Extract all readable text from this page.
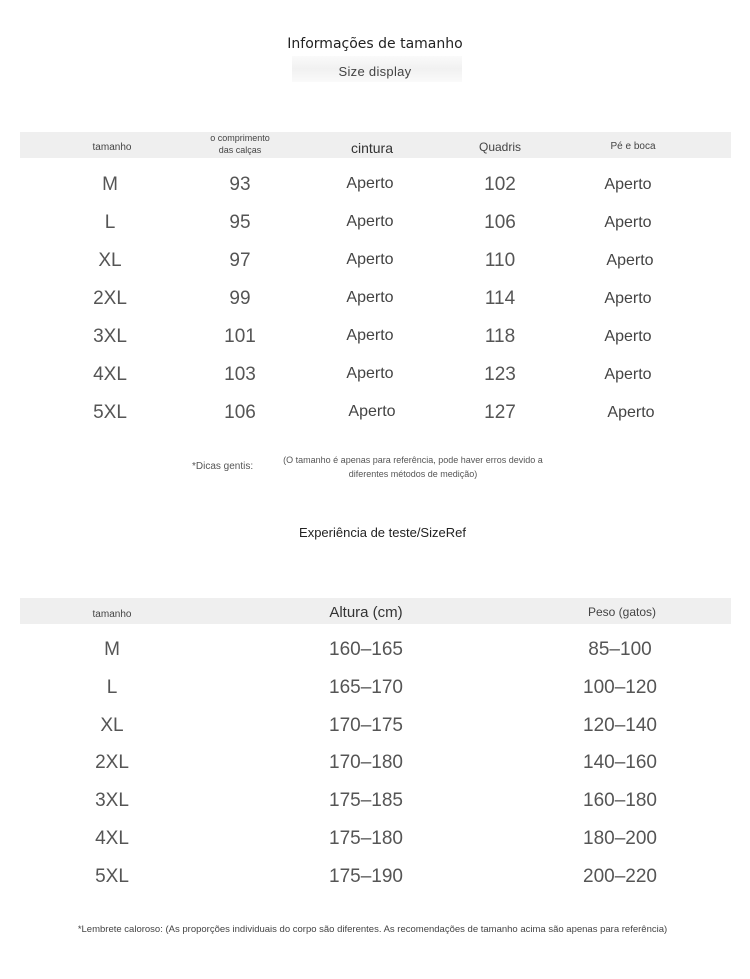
Informações de tamanho
Size display
tamanho
o comprimento
das calças	cintura	Quadris	Pé e boca
M	93	Aperto	102	Aperto
L	95	Aperto	106	Aperto
XL	97	Aperto	110	Aperto
2XL	99	Aperto	114	Aperto
3XL	101	Aperto	118	Aperto
4XL	103	Aperto	123	Aperto
5XL	106	Aperto	127	Aperto
*Dicas gentis:
(O tamanho é apenas para referência, pode haver erros devido a
diferentes métodos de medição)
Experiência de teste/SizeRef
tamanho	Altura (cm)	Peso (gatos)
M	160–165	85–100
L	165–170	100–120
XL	170–175	120–140
2XL	170–180	140–160
3XL	175–185	160–180
4XL	175–180	180–200
5XL	175–190	200–220
*Lembrete caloroso: (As proporções individuais do corpo são diferentes. As recomendações de tamanho acima são apenas para referência)
